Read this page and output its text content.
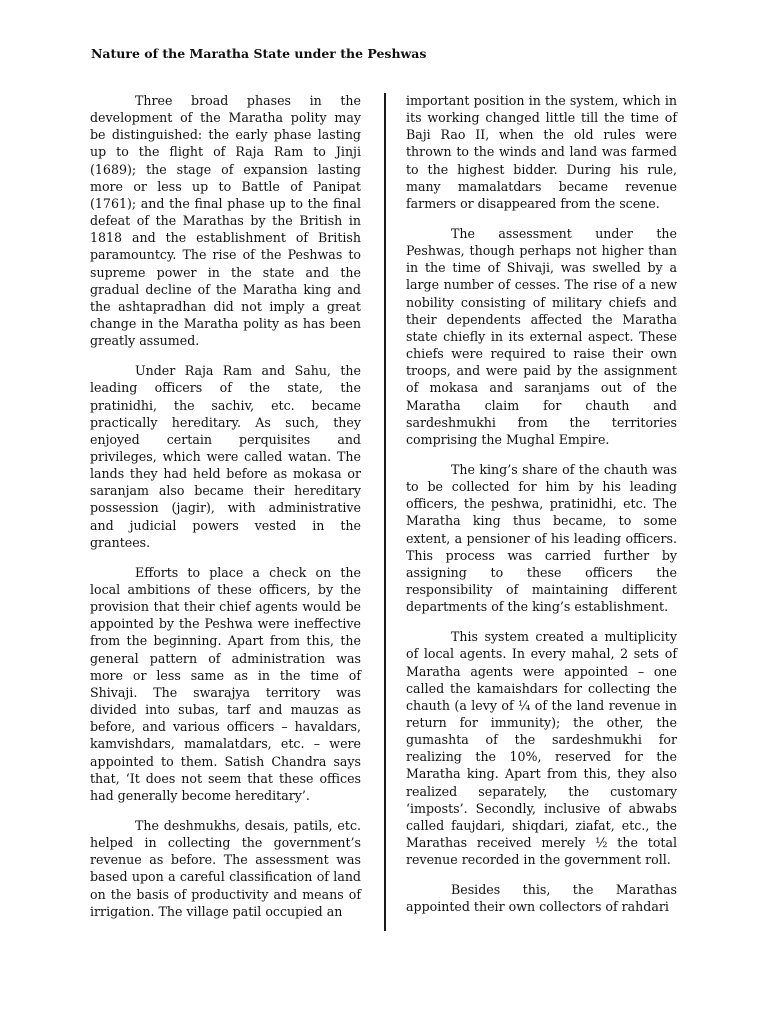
Nature of the Maratha State under the Peshwas

Three broad phases in the development of the Maratha polity may be distinguished: the early phase lasting up to the flight of Raja Ram to Jinji (1689); the stage of expansion lasting more or less up to Battle of Panipat (1761); and the final phase up to the final defeat of the Marathas by the British in 1818 and the establishment of British paramountcy. The rise of the Peshwas to supreme power in the state and the gradual decline of the Maratha king and the ashtapradhan did not imply a great change in the Maratha polity as has been greatly assumed.

Under Raja Ram and Sahu, the leading officers of the state, the pratinidhi, the sachiv, etc. became practically hereditary. As such, they enjoyed certain perquisites and privileges, which were called watan. The lands they had held before as mokasa or saranjam also became their hereditary possession (jagir), with administrative and judicial powers vested in the grantees.

Efforts to place a check on the local ambitions of these officers, by the provision that their chief agents would be appointed by the Peshwa were ineffective from the beginning. Apart from this, the general pattern of administration was more or less same as in the time of Shivaji. The swarajya territory was divided into subas, tarf and mauzas as before, and various officers – havaldars, kamvishdars, mamalatdars, etc. – were appointed to them. Satish Chandra says that, ‘It does not seem that these offices had generally become hereditary’.

The deshmukhs, desais, patils, etc. helped in collecting the government’s revenue as before. The assessment was based upon a careful classification of land on the basis of productivity and means of irrigation. The village patil occupied an

important position in the system, which in its working changed little till the time of Baji Rao II, when the old rules were thrown to the winds and land was farmed to the highest bidder. During his rule, many mamalatdars became revenue farmers or disappeared from the scene.

The assessment under the Peshwas, though perhaps not higher than in the time of Shivaji, was swelled by a large number of cesses. The rise of a new nobility consisting of military chiefs and their dependents affected the Maratha state chiefly in its external aspect. These chiefs were required to raise their own troops, and were paid by the assignment of mokasa and saranjams out of the Maratha claim for chauth and sardeshmukhi from the territories comprising the Mughal Empire.

The king’s share of the chauth was to be collected for him by his leading officers, the peshwa, pratinidhi, etc. The Maratha king thus became, to some extent, a pensioner of his leading officers. This process was carried further by assigning to these officers the responsibility of maintaining different departments of the king’s establishment.

This system created a multiplicity of local agents. In every mahal, 2 sets of Maratha agents were appointed – one called the kamaishdars for collecting the chauth (a levy of ¼ of the land revenue in return for immunity); the other, the gumashta of the sardeshmukhi for realizing the 10%, reserved for the Maratha king. Apart from this, they also realized separately, the customary ‘imposts’. Secondly, inclusive of abwabs called faujdari, shiqdari, ziafat, etc., the Marathas received merely ½ the total revenue recorded in the government roll.

Besides this, the Marathas appointed their own collectors of rahdari
